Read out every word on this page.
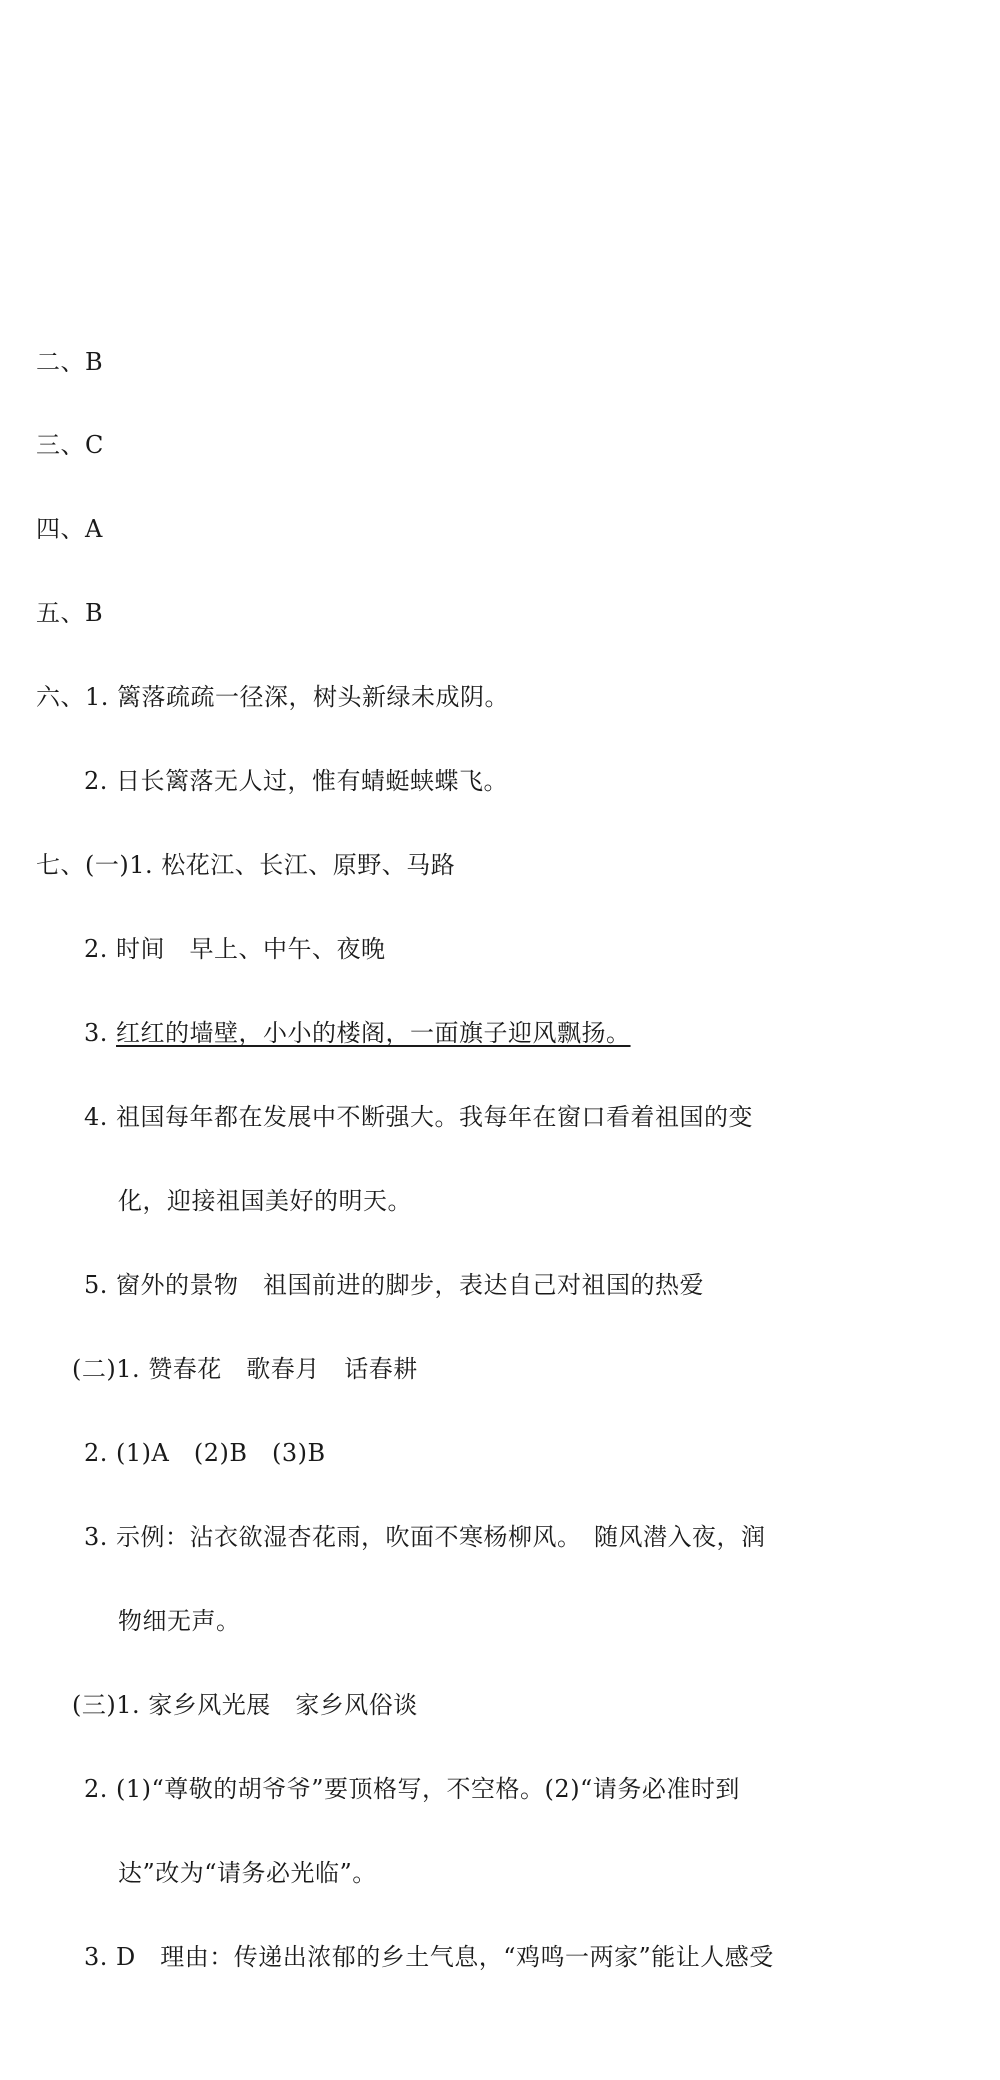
二、B
三、C
四、A
五、B
六、1. 篱落疏疏一径深，树头新绿未成阴。
2. 日长篱落无人过，惟有蜻蜓蛱蝶飞。
七、(一)1. 松花江、长江、原野、马路
2. 时间　早上、中午、夜晚
3. 红红的墙壁，小小的楼阁，一面旗子迎风飘扬。
4. 祖国每年都在发展中不断强大。我每年在窗口看着祖国的变
化，迎接祖国美好的明天。
5. 窗外的景物　祖国前进的脚步，表达自己对祖国的热爱
(二)1. 赞春花　歌春月　话春耕
2. (1)A　(2)B　(3)B
3. 示例：沾衣欲湿杏花雨，吹面不寒杨柳风。　随风潜入夜，润
物细无声。
(三)1. 家乡风光展　家乡风俗谈
2. (1)“尊敬的胡爷爷”要顶格写，不空格。(2)“请务必准时到
达”改为“请务必光临”。
3. D　理由：传递出浓郁的乡土气息，“鸡鸣一两家”能让人感受
